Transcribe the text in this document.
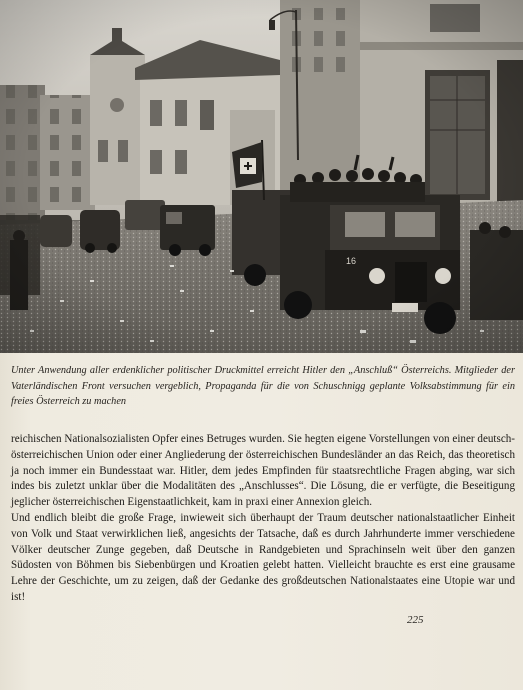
Unter Anwendung aller erdenklicher politischer Druckmittel erreicht Hitler den „Anschluß“ Österreichs. Mitglieder der Vaterländischen Front versuchen vergeblich, Propaganda für die von Schuschnigg geplante Volksabstimmung für ein freies Österreich zu machen

reichischen Nationalsozialisten Opfer eines Betruges wurden. Sie hegten eigene Vorstellungen von einer deutsch-österreichischen Union oder einer Angliederung der österreichischen Bundesländer an das Reich, das theoretisch ja noch immer ein Bundesstaat war. Hitler, dem jedes Empfinden für staatsrechtliche Fragen abging, war sich indes bis zuletzt unklar über die Modalitäten des „Anschlusses“. Die Lösung, die er verfügte, die Beseitigung jeglicher österreichischen Eigenstaatlichkeit, kam in praxi einer Annexion gleich.

Und endlich bleibt die große Frage, inwieweit sich überhaupt der Traum deutscher nationalstaatlicher Einheit von Volk und Staat verwirklichen ließ, angesichts der Tatsache, daß es durch Jahrhunderte immer verschiedene Völker deutscher Zunge gegeben, daß Deutsche in Randgebieten und Sprachinseln weit über den ganzen Südosten von Böhmen bis Siebenbürgen und Kroatien gelebt hatten. Vielleicht brauchte es erst eine grausame Lehre der Geschichte, um zu zeigen, daß der Gedanke des großdeutschen Nationalstaates eine Utopie war und ist!

225
